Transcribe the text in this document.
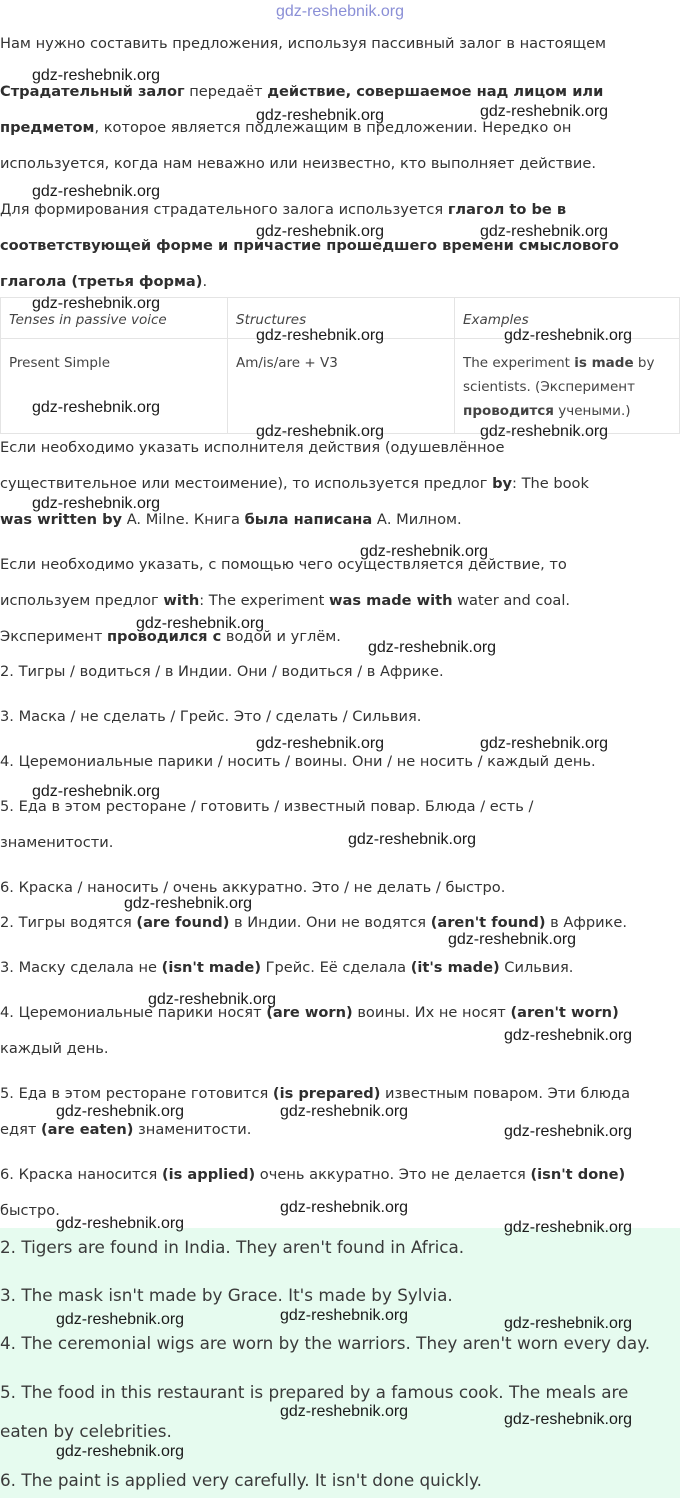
gdz-reshebnik.org

Нам нужно составить предложения, используя пассивный залог в настоящем

Страдательный залог передаёт действие, совершаемое над лицом или

предметом, которое является подлежащим в предложении. Нередко он

используется, когда нам неважно или неизвестно, кто выполняет действие.

Для формирования страдательного залога используется глагол to be в

соответствующей форме и причастие прошедшего времени смыслового

глагола (третья форма).

Tenses in passive voice	Structures	Examples
Present Simple	Am/is/are + V3	The experiment is made by scientists. (Эксперимент проводится учеными.)

Если необходимо указать исполнителя действия (одушевлённое

существительное или местоимение), то используется предлог by: The book

was written by A. Milne. Книга была написана А. Милном.

Если необходимо указать, с помощью чего осуществляется действие, то

используем предлог with: The experiment was made with water and coal.

Эксперимент проводился с водой и углём.

2. Тигры / водиться / в Индии. Они / водиться / в Африке.

3. Маска / не сделать / Грейс. Это / сделать / Сильвия.

4. Церемониальные парики / носить / воины. Они / не носить / каждый день.

5. Еда в этом ресторане / готовить / известный повар. Блюда / есть /

знаменитости.

6. Краска / наносить / очень аккуратно. Это / не делать / быстро.

2. Тигры водятся (are found) в Индии. Они не водятся (aren't found) в Африке.

3. Маску сделала не (isn't made) Грейс. Её сделала (it's made) Сильвия.

4. Церемониальные парики носят (are worn) воины. Их не носят (aren't worn)

каждый день.

5. Еда в этом ресторане готовится (is prepared) известным поваром. Эти блюда

едят (are eaten) знаменитости.

6. Краска наносится (is applied) очень аккуратно. Это не делается (isn't done)

быстро.

2. Tigers are found in India. They aren't found in Africa.

3. The mask isn't made by Grace. It's made by Sylvia.

4. The ceremonial wigs are worn by the warriors. They aren't worn every day.

5. The food in this restaurant is prepared by a famous cook. The meals are

eaten by celebrities.

6. The paint is applied very carefully. It isn't done quickly.

gdz-reshebnik.org
gdz-reshebnik.org	gdz-reshebnik.org
gdz-reshebnik.org
gdz-reshebnik.org	gdz-reshebnik.org
gdz-reshebnik.org
gdz-reshebnik.org	gdz-reshebnik.org
gdz-reshebnik.org
gdz-reshebnik.org	gdz-reshebnik.org
gdz-reshebnik.org
gdz-reshebnik.org
gdz-reshebnik.org
gdz-reshebnik.org
gdz-reshebnik.org	gdz-reshebnik.org
gdz-reshebnik.org
gdz-reshebnik.org
gdz-reshebnik.org
gdz-reshebnik.org
gdz-reshebnik.org
gdz-reshebnik.org
gdz-reshebnik.org	gdz-reshebnik.org
gdz-reshebnik.org
gdz-reshebnik.org
gdz-reshebnik.org	gdz-reshebnik.org
gdz-reshebnik.org	gdz-reshebnik.org	gdz-reshebnik.org
gdz-reshebnik.org	gdz-reshebnik.org
gdz-reshebnik.org
